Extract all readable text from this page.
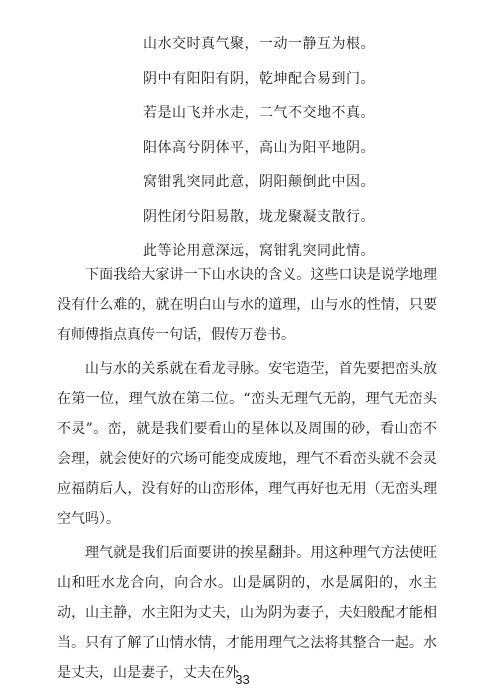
山水交时真气聚，一动一静互为根。
阴中有阳阳有阴，乾坤配合易到门。
若是山飞并水走，二气不交地不真。
阳体高兮阴体平，高山为阳平地阴。
窝钳乳突同此意，阴阳颠倒此中因。
阴性闭兮阳易散，垅龙聚凝支散行。
此等论用意深远，窝钳乳突同此情。

下面我给大家讲一下山水诀的含义。这些口诀是说学地理没有什么难的，就在明白山与水的道理，山与水的性情，只要有师傅指点真传一句话，假传万卷书。

山与水的关系就在看龙寻脉。安宅造茔，首先要把峦头放在第一位，理气放在第二位。“峦头无理气无韵，理气无峦头不灵”。峦，就是我们要看山的星体以及周围的砂，看山峦不会理，就会使好的穴场可能变成废地，理气不看峦头就不会灵应福荫后人，没有好的山峦形体，理气再好也无用（无峦头理空气吗）。

理气就是我们后面要讲的挨星翻卦。用这种理气方法使旺山和旺水龙合向，向合水。山是属阴的，水是属阳的，水主动，山主静，水主阳为丈夫，山为阴为妻子，夫妇般配才能相当。只有了解了山情水情，才能用理气之法将其整合一起。水是丈夫，山是妻子，丈夫在外

33
